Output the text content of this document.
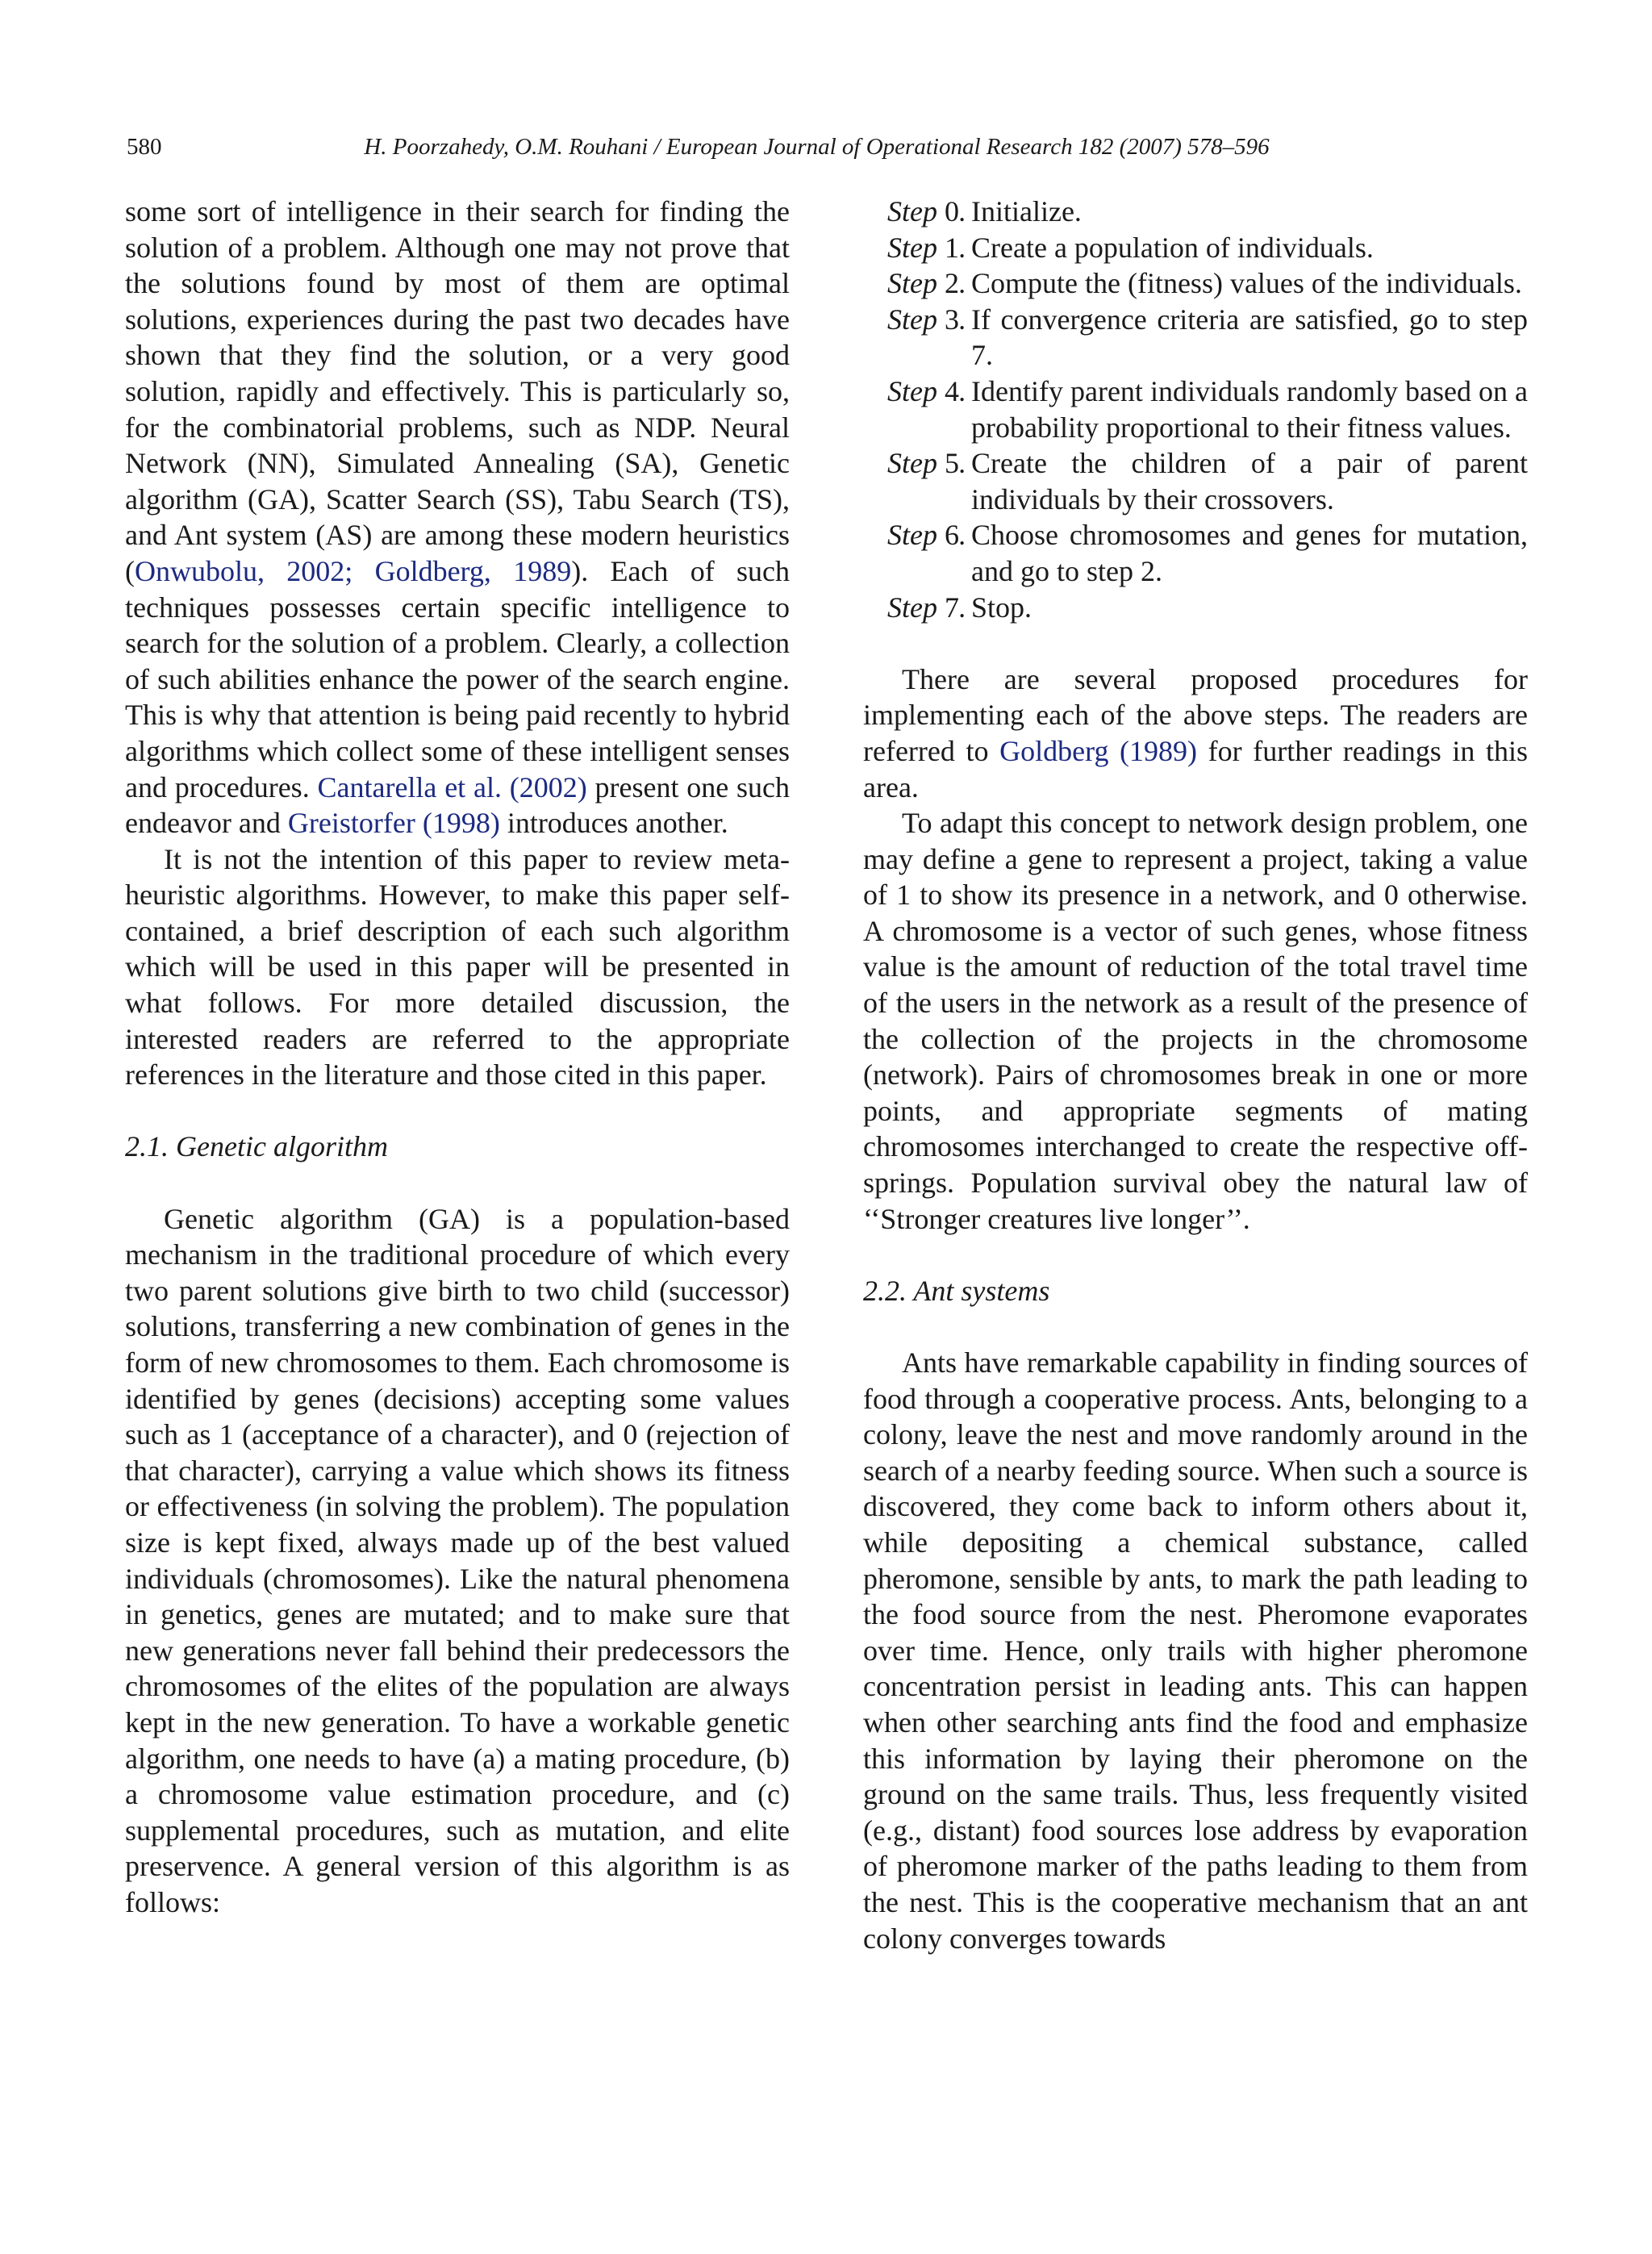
580	H. Poorzahedy, O.M. Rouhani / European Journal of Operational Research 182 (2007) 578–596

some sort of intelligence in their search for finding the solution of a problem. Although one may not prove that the solutions found by most of them are optimal solutions, experiences during the past two decades have shown that they find the solution, or a very good solution, rapidly and effectively. This is particularly so, for the combinatorial problems, such as NDP. Neural Network (NN), Simulated Annealing (SA), Genetic algorithm (GA), Scatter Search (SS), Tabu Search (TS), and Ant system (AS) are among these modern heuristics (Onwubolu, 2002; Goldberg, 1989). Each of such techniques possesses certain specific intelligence to search for the solution of a problem. Clearly, a collection of such abilities enhance the power of the search engine. This is why that attention is being paid recently to hybrid algorithms which collect some of these intelligent senses and procedures. Cantarella et al. (2002) present one such endeavor and Greistorfer (1998) introduces another.

It is not the intention of this paper to review meta-heuristic algorithms. However, to make this paper self-contained, a brief description of each such algorithm which will be used in this paper will be presented in what follows. For more detailed discussion, the interested readers are referred to the appropriate references in the literature and those cited in this paper.

2.1. Genetic algorithm

Genetic algorithm (GA) is a population-based mechanism in the traditional procedure of which every two parent solutions give birth to two child (successor) solutions, transferring a new combination of genes in the form of new chromosomes to them. Each chromosome is identified by genes (decisions) accepting some values such as 1 (acceptance of a character), and 0 (rejection of that character), carrying a value which shows its fitness or effectiveness (in solving the problem). The population size is kept fixed, always made up of the best valued individuals (chromosomes). Like the natural phenomena in genetics, genes are mutated; and to make sure that new generations never fall behind their predecessors the chromosomes of the elites of the population are always kept in the new generation. To have a workable genetic algorithm, one needs to have (a) a mating procedure, (b) a chromosome value estimation procedure, and (c) supplemental procedures, such as mutation, and elite preservence. A general version of this algorithm is as follows:

Step 0. Initialize.
Step 1. Create a population of individuals.
Step 2. Compute the (fitness) values of the individuals.
Step 3. If convergence criteria are satisfied, go to step 7.
Step 4. Identify parent individuals randomly based on a probability proportional to their fitness values.
Step 5. Create the children of a pair of parent individuals by their crossovers.
Step 6. Choose chromosomes and genes for mutation, and go to step 2.
Step 7. Stop.

There are several proposed procedures for implementing each of the above steps. The readers are referred to Goldberg (1989) for further readings in this area.

To adapt this concept to network design problem, one may define a gene to represent a project, taking a value of 1 to show its presence in a network, and 0 otherwise. A chromosome is a vector of such genes, whose fitness value is the amount of reduction of the total travel time of the users in the network as a result of the presence of the collection of the projects in the chromosome (network). Pairs of chromosomes break in one or more points, and appropriate segments of mating chromosomes interchanged to create the respective off-springs. Population survival obey the natural law of ‘‘Stronger creatures live longer’’.

2.2. Ant systems

Ants have remarkable capability in finding sources of food through a cooperative process. Ants, belonging to a colony, leave the nest and move randomly around in the search of a nearby feeding source. When such a source is discovered, they come back to inform others about it, while depositing a chemical substance, called pheromone, sensible by ants, to mark the path leading to the food source from the nest. Pheromone evaporates over time. Hence, only trails with higher pheromone concentration persist in leading ants. This can happen when other searching ants find the food and emphasize this information by laying their pheromone on the ground on the same trails. Thus, less frequently visited (e.g., distant) food sources lose address by evaporation of pheromone marker of the paths leading to them from the nest. This is the cooperative mechanism that an ant colony converges towards
